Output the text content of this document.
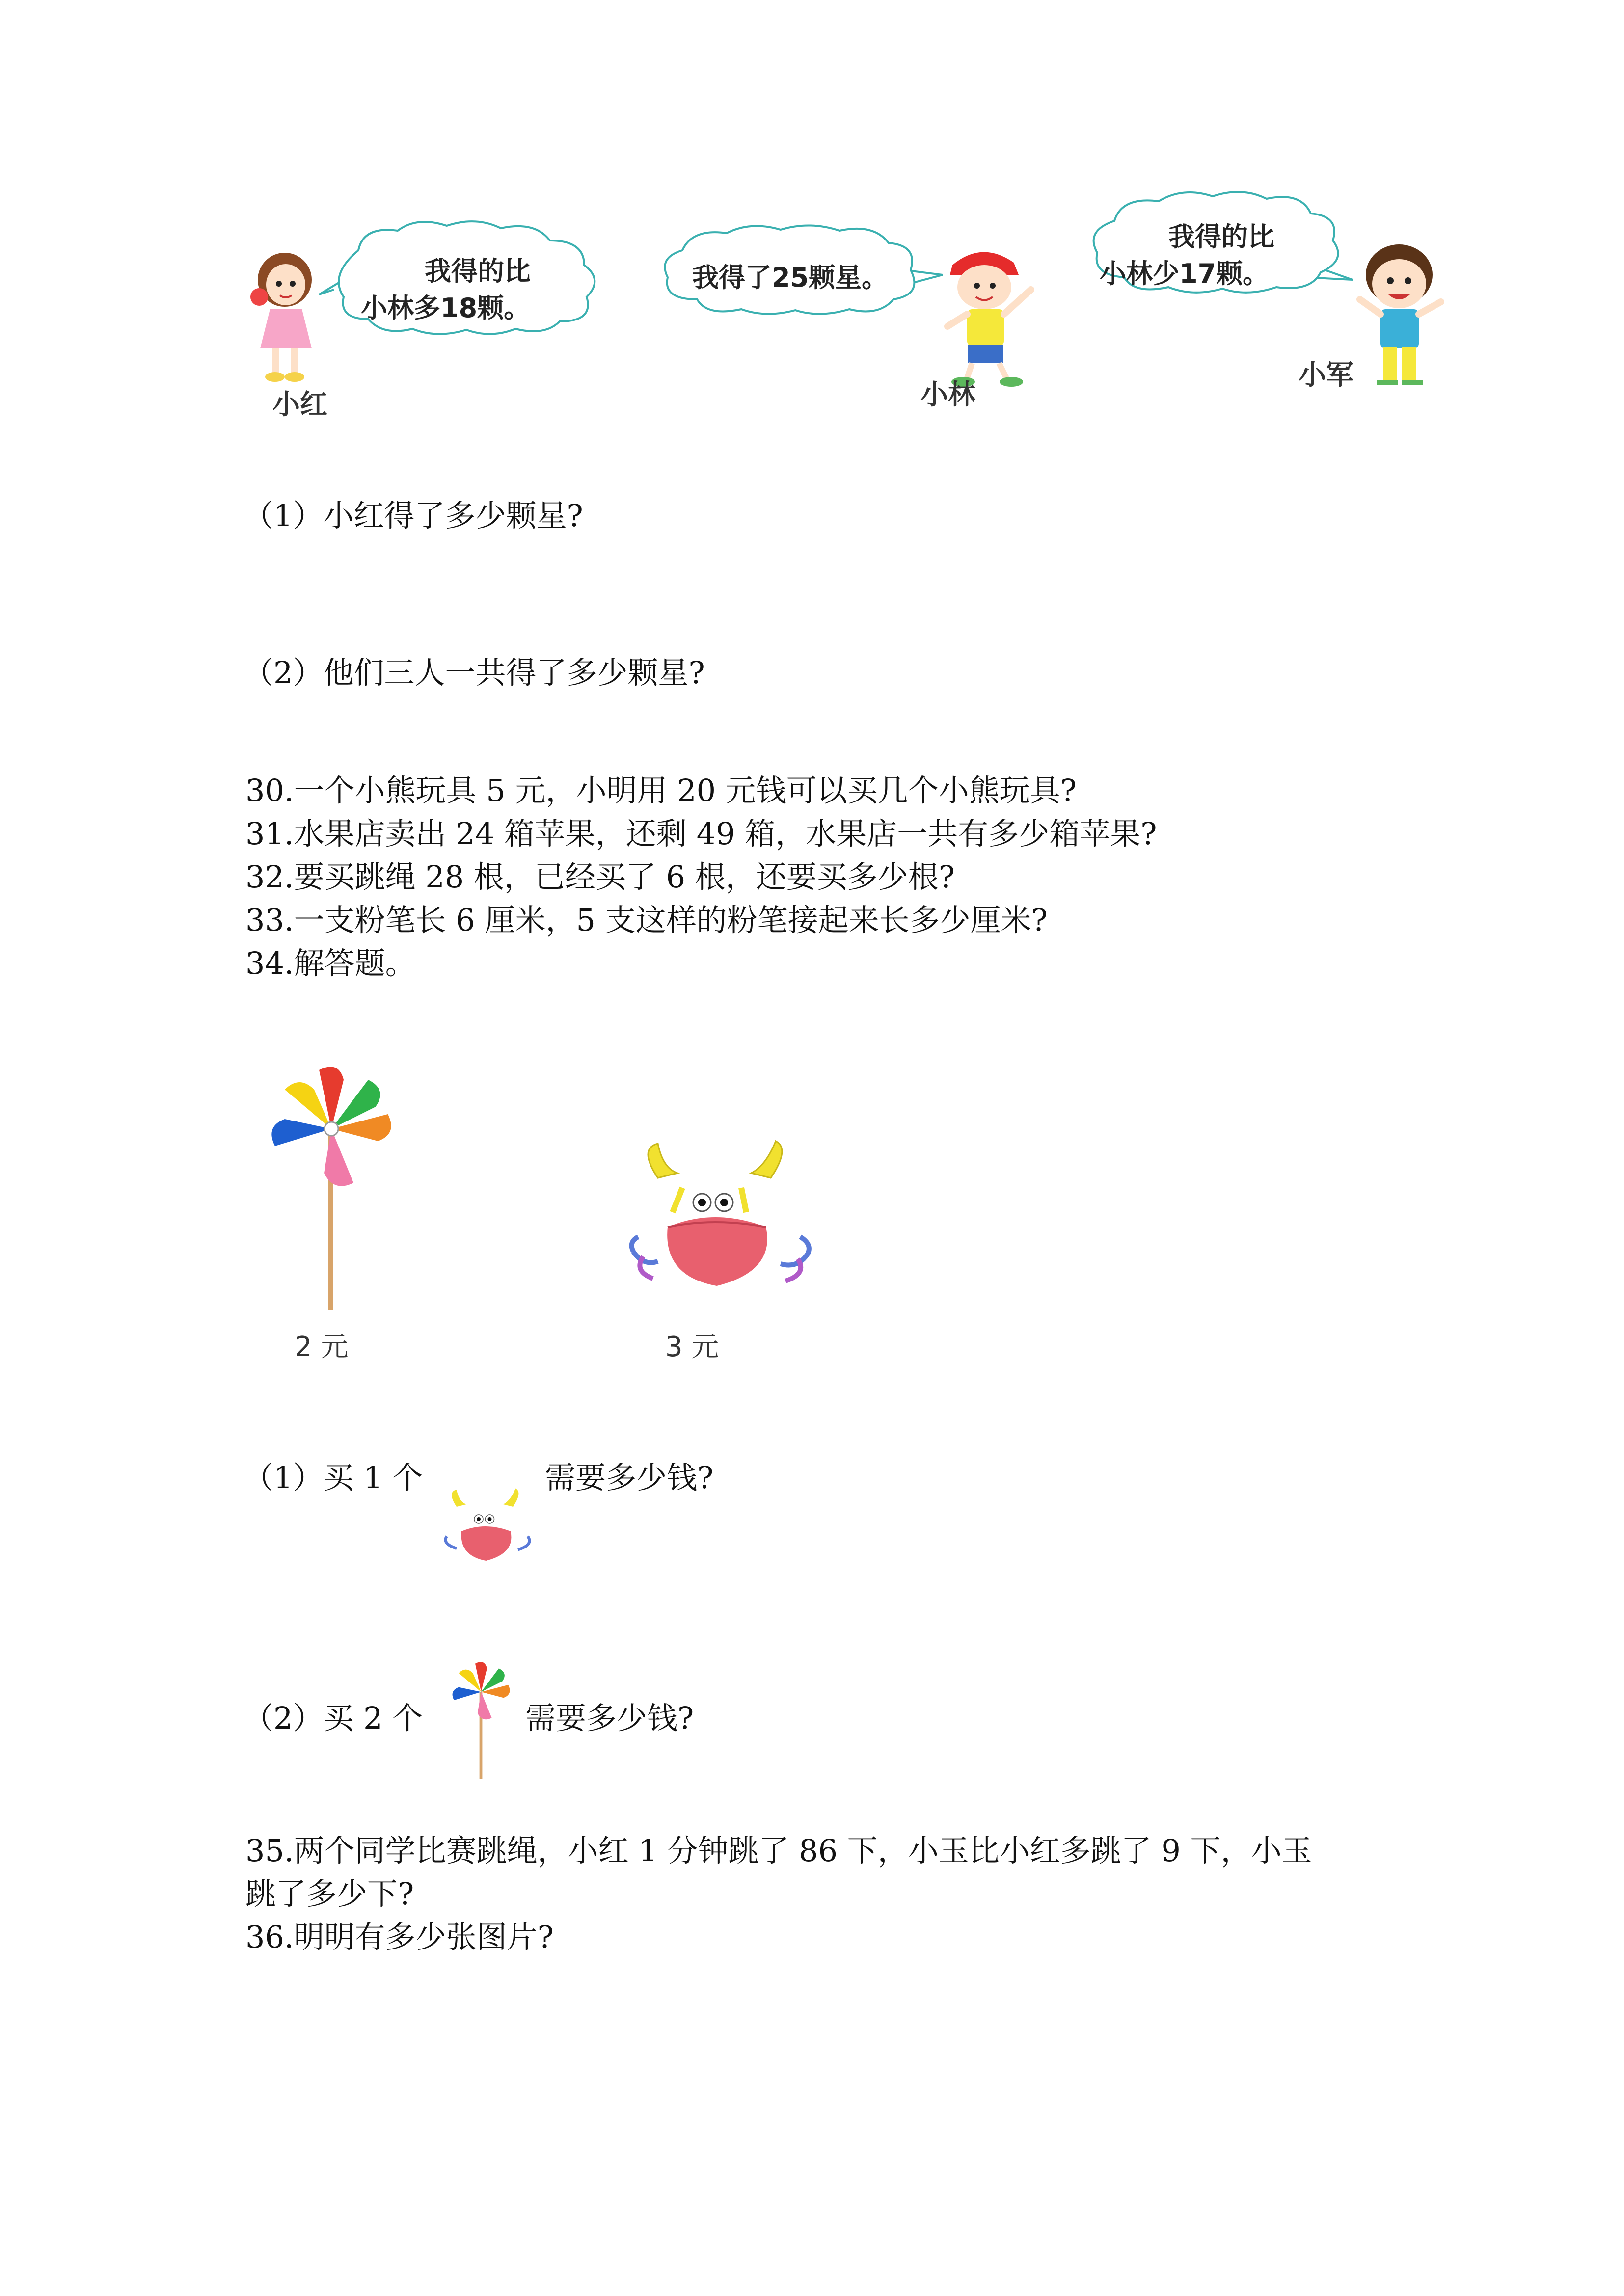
小红
我得的比
小林多18颗。
我得了25颗星。
小林
我得的比
小林少17颗。
小军
（1）小红得了多少颗星?
（2）他们三人一共得了多少颗星?
30.一个小熊玩具 5 元，小明用 20 元钱可以买几个小熊玩具?
31.水果店卖出 24 箱苹果，还剩 49 箱，水果店一共有多少箱苹果?
32.要买跳绳 28 根，已经买了 6 根，还要买多少根?
33.一支粉笔长 6 厘米，5 支这样的粉笔接起来长多少厘米?
34.解答题。
2 元	3 元
（1）买 1 个	需要多少钱?
（2）买 2 个	需要多少钱?
35.两个同学比赛跳绳，小红 1 分钟跳了 86 下，小玉比小红多跳了 9 下，小玉
跳了多少下?
36.明明有多少张图片?
